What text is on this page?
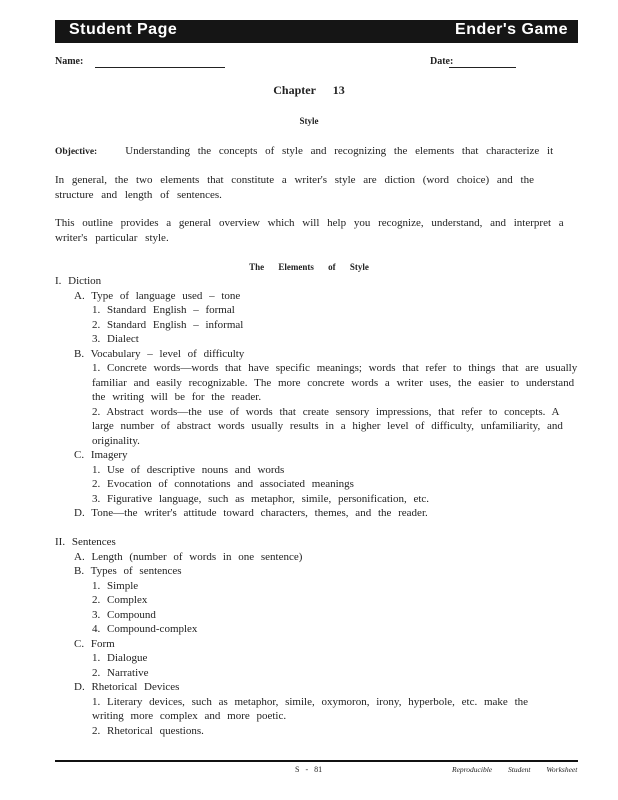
Student Page	Ender's Game
Name:	Date:
Chapter 13
Style

Objective:	Understanding the concepts of style and recognizing the elements that characterize it

In general, the two elements that constitute a writer's style are diction (word choice) and the structure and length of sentences.

This outline provides a general overview which will help you recognize, understand, and interpret a writer's particular style.

The Elements of Style

I. Diction

A. Type of language used – tone

1. Standard English – formal

2. Standard English – informal

3. Dialect

B. Vocabulary – level of difficulty

1. Concrete words—words that have specific meanings; words that refer to things that are usually familiar and easily recognizable. The more concrete words a writer uses, the easier to understand the writing will be for the reader.

2. Abstract words—the use of words that create sensory impressions, that refer to concepts. A large number of abstract words usually results in a higher level of difficulty, unfamiliarity, and originality.

C. Imagery

1. Use of descriptive nouns and words

2. Evocation of connotations and associated meanings

3. Figurative language, such as metaphor, simile, personification, etc.

D. Tone—the writer's attitude toward characters, themes, and the reader.

II. Sentences

A. Length (number of words in one sentence)

B. Types of sentences

1. Simple

2. Complex

3. Compound

4. Compound-complex

C. Form

1. Dialogue

2. Narrative

D. Rhetorical Devices

1. Literary devices, such as metaphor, simile, oxymoron, irony, hyperbole, etc. make the writing more complex and more poetic.

2. Rhetorical questions.

S - 81	Reproducible Student Worksheet
